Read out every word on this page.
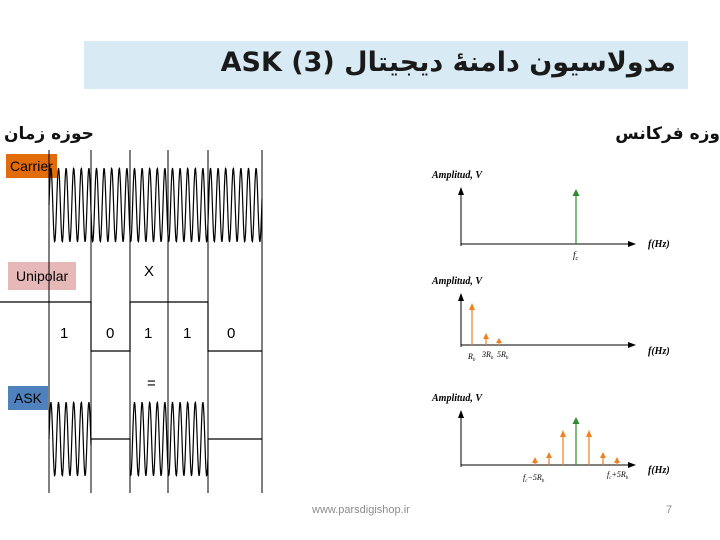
مدولاسیون دامنۀ دیجیتال (3) ASK
حوزه زمان	وزه فرکانس
Carrier
Unipolar
ASK
X
1	0 1 1 0
=
Amplitud, V
f(Hz)
$f_c$
Amplitud, V
f(Hz)
$R_b$
$3R_b$ $5R_b$
Amplitud, V
f(Hz)
$f_c-5R_b$
$f_c+5R_b$
www.parsdigishop.ir	7
